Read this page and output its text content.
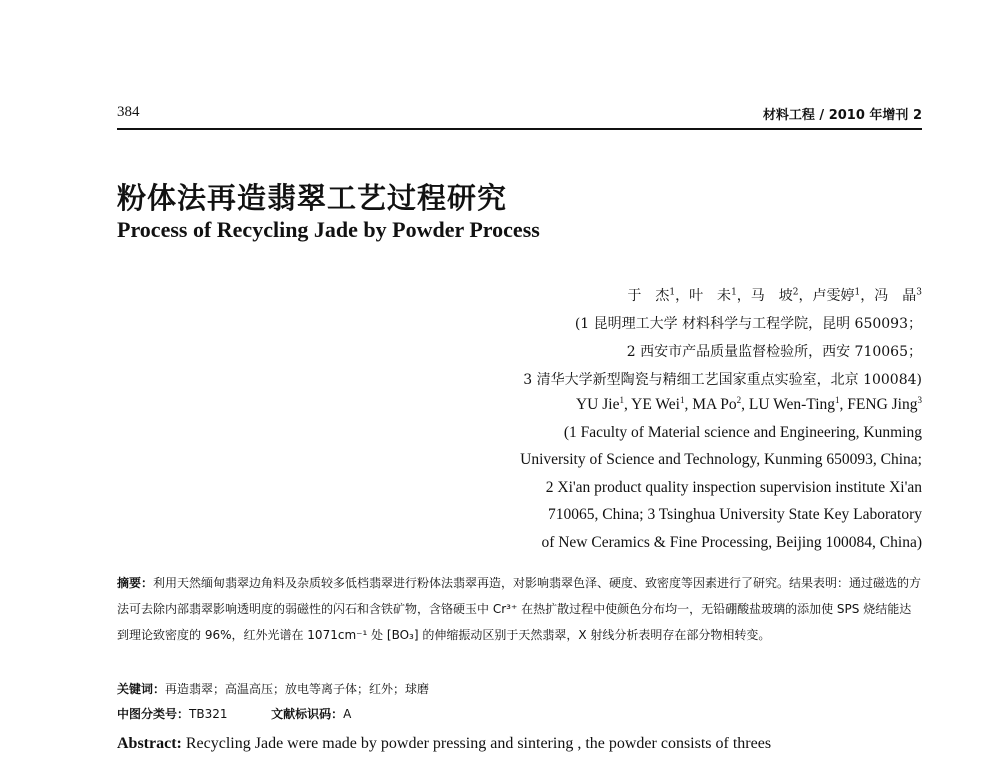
384	材料工程 / 2010 年增刊 2
粉体法再造翡翠工艺过程研究
Process of Recycling Jade by Powder Process
于　杰$^1$，叶　未$^1$，马　坡$^2$，卢雯婷$^1$，冯　晶$^3$
(1 昆明理工大学 材料科学与工程学院，昆明 650093；
2 西安市产品质量监督检验所，西安 710065；
3 清华大学新型陶瓷与精细工艺国家重点实验室，北京 100084)
YU Jie$^1$, YE Wei$^1$, MA Po$^2$, LU Wen-Ting$^1$, FENG Jing$^3$
(1 Faculty of Material science and Engineering, Kunming
University of Science and Technology, Kunming 650093, China;
2 Xi'an product quality inspection supervision institute Xi'an
710065, China; 3 Tsinghua University State Key Laboratory
of New Ceramics & Fine Processing, Beijing 100084, China)
摘要：利用天然缅甸翡翠边角料及杂质较多低档翡翠进行粉体法翡翠再造，对影响翡翠色泽、硬度、致密度等因素进行了研究。结果表明：通过磁选的方法可去除内部翡翠影响透明度的弱磁性的闪石和含铁矿物，含铬硬玉中 Cr³⁺ 在热扩散过程中使颜色分布均一，无铅硼酸盐玻璃的添加使 SPS 烧结能达到理论致密度的 96%，红外光谱在 1071cm⁻¹ 处 [BO₃] 的伸缩振动区别于天然翡翠，X 射线分析表明存在部分物相转变。
关键词：再造翡翠；高温高压；放电等离子体；红外；球磨
中图分类号：TB321	文献标识码：A
Abstract: Recycling Jade were made by powder pressing and sintering , the powder consists of threes
